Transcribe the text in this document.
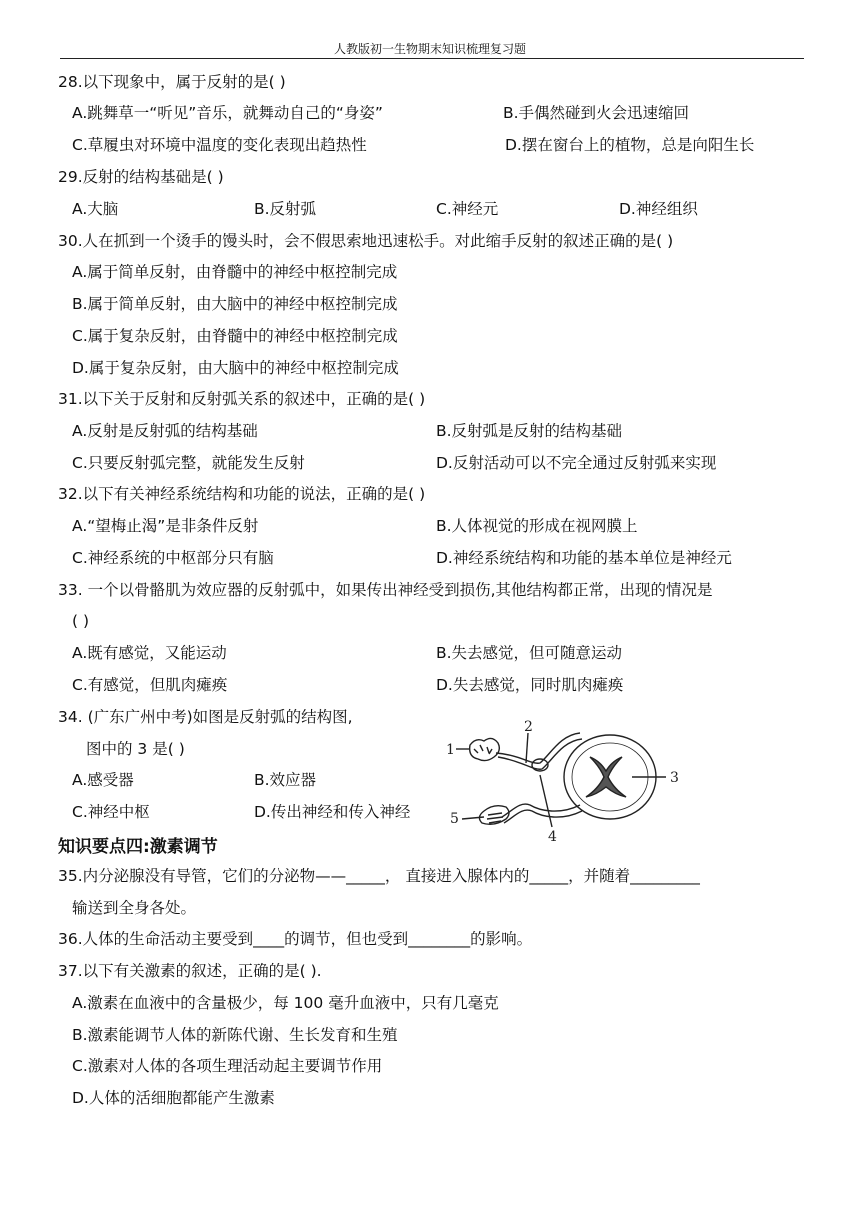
人教版初一生物期末知识梳理复习题
28.以下现象中，属于反射的是( )
A.跳舞草一“听见”音乐，就舞动自己的“身姿”	B.手偶然碰到火会迅速缩回
C.草履虫对环境中温度的变化表现出趋热性	D.摆在窗台上的植物，总是向阳生长
29.反射的结构基础是( )
A.大脑	B.反射弧	C.神经元	D.神经组织
30.人在抓到一个烫手的馒头时，会不假思索地迅速松手。对此缩手反射的叙述正确的是( )
A.属于简单反射，由脊髓中的神经中枢控制完成
B.属于简单反射，由大脑中的神经中枢控制完成
C.属于复杂反射，由脊髓中的神经中枢控制完成
D.属于复杂反射，由大脑中的神经中枢控制完成
31.以下关于反射和反射弧关系的叙述中，正确的是( )
A.反射是反射弧的结构基础	B.反射弧是反射的结构基础
C.只要反射弧完整，就能发生反射	D.反射活动可以不完全通过反射弧来实现
32.以下有关神经系统结构和功能的说法，正确的是( )
A.“望梅止渴”是非条件反射	B.人体视觉的形成在视网膜上
C.神经系统的中枢部分只有脑	D.神经系统结构和功能的基本单位是神经元
33. 一个以骨骼肌为效应器的反射弧中，如果传出神经受到损伤,其他结构都正常，出现的情况是
( )
A.既有感觉，又能运动	B.失去感觉，但可随意运动
C.有感觉，但肌肉瘫痪	D.失去感觉，同时肌肉瘫痪
34. (广东广州中考)如图是反射弧的结构图,
图中的 3 是( )
A.感受器	B.效应器
C.神经中枢	D.传出神经和传入神经
1
2
3
4
5
知识要点四:激素调节
35.内分泌腺没有导管，它们的分泌物——_____， 直接进入腺体内的_____，并随着_________
输送到全身各处。
36.人体的生命活动主要受到____的调节，但也受到________的影响。
37.以下有关激素的叙述，正确的是( ).
A.激素在血液中的含量极少，每 100 毫升血液中，只有几毫克
B.激素能调节人体的新陈代谢、生长发育和生殖
C.激素对人体的各项生理活动起主要调节作用
D.人体的活细胞都能产生激素
